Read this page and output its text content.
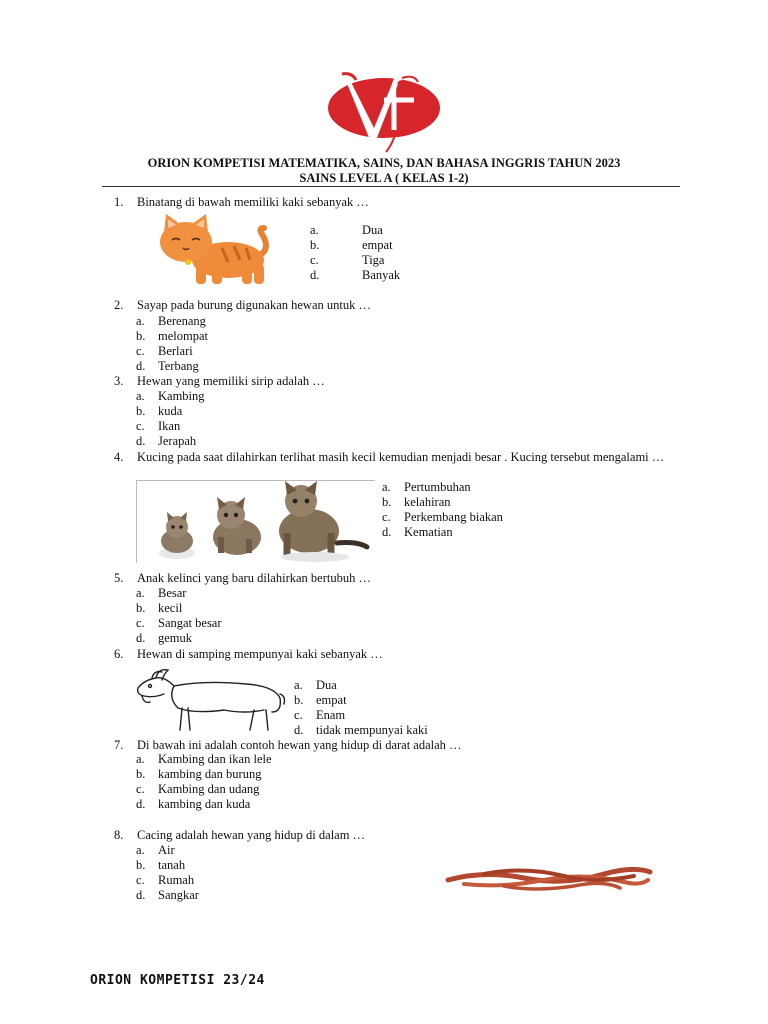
ORION KOMPETISI MATEMATIKA, SAINS, DAN BAHASA INGGRIS TAHUN 2023
SAINS LEVEL A ( KELAS 1-2)
1. Binatang di bawah memiliki kaki sebanyak …
a.	Dua
b.	empat
c.	Tiga
d.	Banyak
2. Sayap pada burung digunakan hewan untuk …
a. Berenang
b. melompat
c. Berlari
d. Terbang
3. Hewan yang memiliki sirip adalah …
a. Kambing
b. kuda
c. Ikan
d. Jerapah
4. Kucing pada saat dilahirkan terlihat masih kecil kemudian menjadi besar . Kucing tersebut mengalami …
a. Pertumbuhan
b. kelahiran
c. Perkembang biakan
d. Kematian
5. Anak kelinci yang baru dilahirkan bertubuh …
a. Besar
b. kecil
c. Sangat besar
d. gemuk
6. Hewan di samping mempunyai kaki sebanyak …
a. Dua
b. empat
c. Enam
d. tidak mempunyai kaki
7. Di bawah ini adalah contoh hewan yang hidup di darat adalah …
a. Kambing dan ikan lele
b. kambing dan burung
c. Kambing dan udang
d. kambing dan kuda
8. Cacing adalah hewan yang hidup di dalam …
a. Air
b. tanah
c. Rumah
d. Sangkar
ORION KOMPETISI 23/24
